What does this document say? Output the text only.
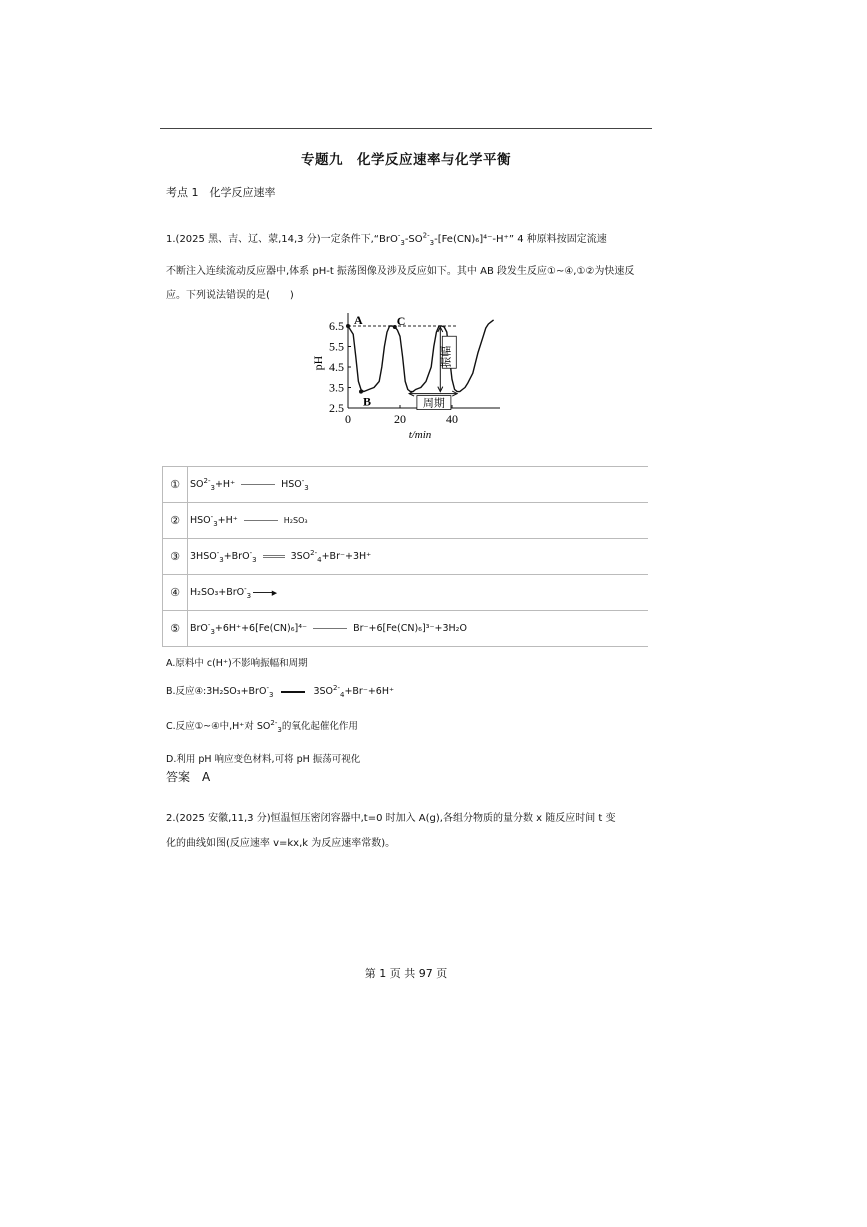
专题九　化学反应速率与化学平衡
考点 1　化学反应速率
1.(2025 黑、吉、辽、蒙,14,3 分)一定条件下$,“BrO^-_3-SO^{2-}_3-[Fe(CN)_6]^{4-}-H^+$” 4 种原料按固定流速
不断注入连续流动反应器中,体系 pH-t 振荡图像及涉及反应如下。其中 AB 段发生反应①~④,①②为快速反
应。下列说法错误的是(　　)
2.5
3.5
4.5
5.5
6.5
0	20	40
pH
t/min
A
B
C
振幅
周期
①	$SO^{2-}_3+H^+$ $HSO^-_3$
②	$HSO^-_3+H^+$ H₂SO₃
③	$3HSO^-_3+BrO^-_3$ $3SO^{2-}_4+Br^-+3H^+$
④	H₂SO₃+BrO-$_3$ ▶

⑤	BrO-$_3$+6H⁺+6[Fe(CN)₆]⁴⁻ Br⁻+6[Fe(CN)₆]³⁻+3H₂O
A.原料中 c(H⁺)不影响振幅和周期
B.反应④:3H₂SO₃+BrO-$_3$	$3SO^{2-}_4+Br^-+6H^+$
C.反应①~④中,H⁺对 $SO^{2-}_3$的氧化起催化作用
D.利用 pH 响应变色材料,可将 pH 振荡可视化
答案　A
2.(2025 安徽,11,3 分)恒温恒压密闭容器中,t=0 时加入 A(g),各组分物质的量分数 x 随反应时间 t 变
化的曲线如图(反应速率 v=kx,k 为反应速率常数)。
第 1 页 共 97 页
